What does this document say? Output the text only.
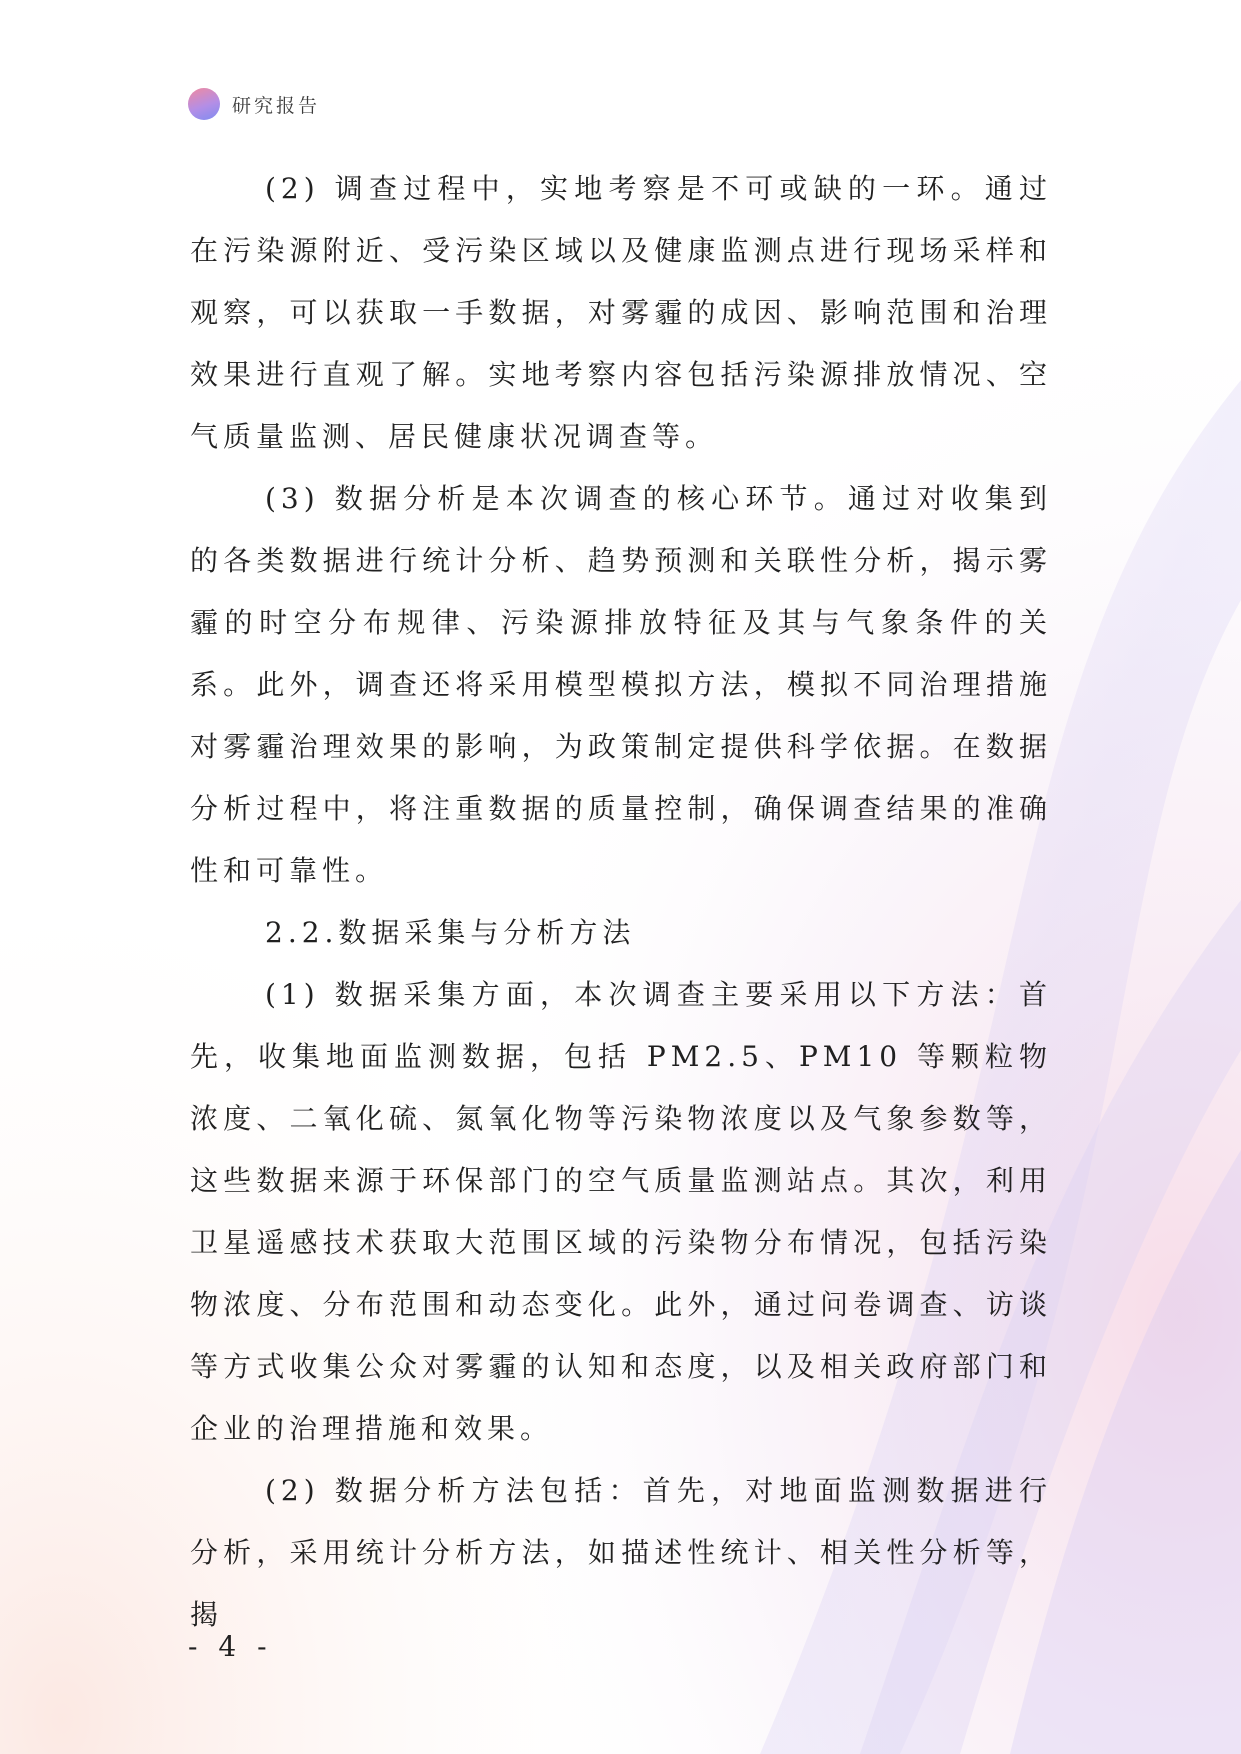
研究报告

(2) 调查过程中，实地考察是不可或缺的一环。通过在污染源附近、受污染区域以及健康监测点进行现场采样和观察，可以获取一手数据，对雾霾的成因、影响范围和治理效果进行直观了解。实地考察内容包括污染源排放情况、空气质量监测、居民健康状况调查等。

(3) 数据分析是本次调查的核心环节。通过对收集到的各类数据进行统计分析、趋势预测和关联性分析，揭示雾霾的时空分布规律、污染源排放特征及其与气象条件的关系。此外，调查还将采用模型模拟方法，模拟不同治理措施对雾霾治理效果的影响，为政策制定提供科学依据。在数据分析过程中，将注重数据的质量控制，确保调查结果的准确性和可靠性。

2.2.数据采集与分析方法

(1) 数据采集方面，本次调查主要采用以下方法：首先，收集地面监测数据，包括 PM2.5、PM10 等颗粒物浓度、二氧化硫、氮氧化物等污染物浓度以及气象参数等，这些数据来源于环保部门的空气质量监测站点。其次，利用卫星遥感技术获取大范围区域的污染物分布情况，包括污染物浓度、分布范围和动态变化。此外，通过问卷调查、访谈等方式收集公众对雾霾的认知和态度，以及相关政府部门和企业的治理措施和效果。

(2) 数据分析方法包括：首先，对地面监测数据进行分析，采用统计分析方法，如描述性统计、相关性分析等，揭

- 4 -
